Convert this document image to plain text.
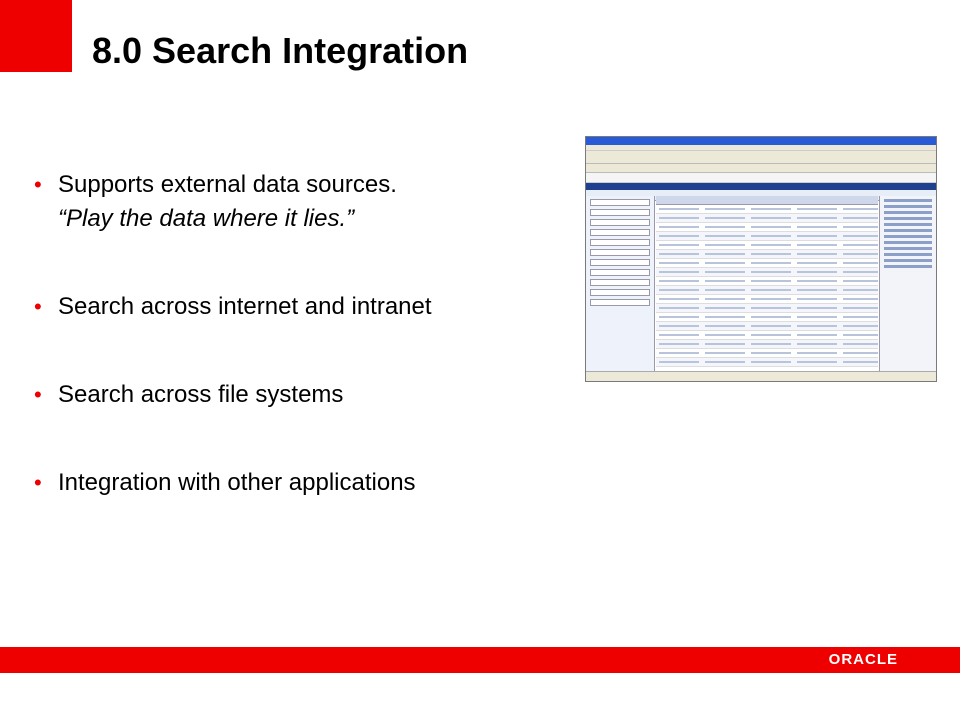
8.0 Search Integration
• Supports external data sources.
“Play the data where it lies.”
• Search across internet and intranet
• Search across file systems
• Integration with other applications
ORACLE
